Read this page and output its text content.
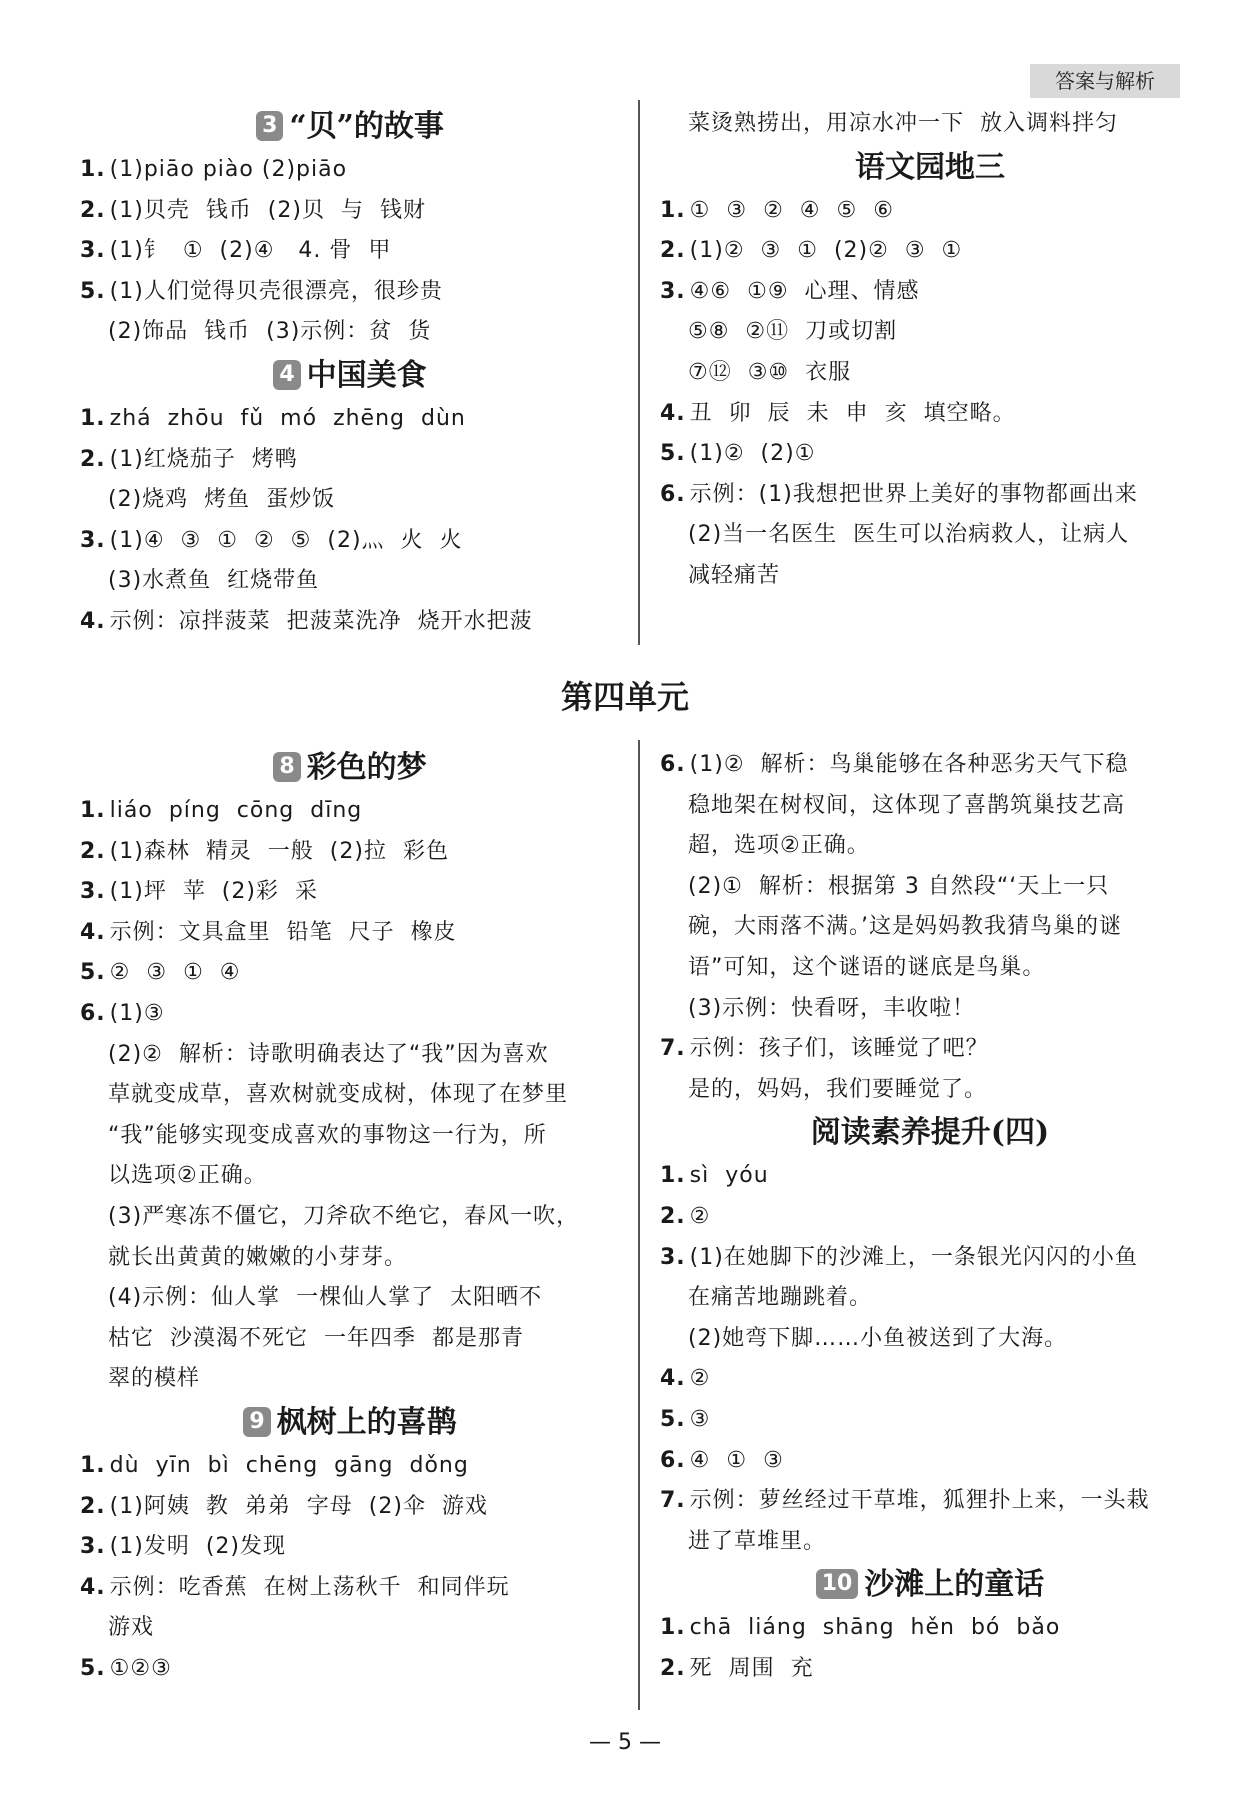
答案与解析
3 “贝”的故事
1. (1)piāo piào (2)piāo
2. (1)贝壳  钱币  (2)贝  与  钱财
3. (1)钅  ①  (2)④   4. 骨  甲
5. (1)人们觉得贝壳很漂亮，很珍贵
(2)饰品  钱币  (3)示例：贫  货
4 中国美食
1. zhá  zhōu  fǔ  mó  zhēng  dùn
2. (1)红烧茄子  烤鸭
(2)烧鸡  烤鱼  蛋炒饭
3. (1)④  ③  ①  ②  ⑤  (2)灬  火  火
(3)水煮鱼  红烧带鱼
4. 示例：凉拌菠菜  把菠菜洗净  烧开水把菠
菜烫熟捞出，用凉水冲一下  放入调料拌匀
语文园地三
1. ①  ③  ②  ④  ⑤  ⑥
2. (1)②  ③  ①  (2)②  ③  ①
3. ④⑥  ①⑨  心理、情感
⑤⑧  ②⑪  刀或切割
⑦⑫  ③⑩  衣服
4. 丑  卯  辰  未  申  亥  填空略。
5. (1)②  (2)①
6. 示例：(1)我想把世界上美好的事物都画出来
(2)当一名医生  医生可以治病救人，让病人
减轻痛苦
第四单元
8 彩色的梦
1. liáo  píng  cōng  dīng
2. (1)森林  精灵  一般  (2)拉  彩色
3. (1)坪  苹  (2)彩  采
4. 示例：文具盒里  铅笔  尺子  橡皮
5. ②  ③  ①  ④
6. (1)③
(2)②  解析：诗歌明确表达了“我”因为喜欢
草就变成草，喜欢树就变成树，体现了在梦里
“我”能够实现变成喜欢的事物这一行为，所
以选项②正确。
(3)严寒冻不僵它，刀斧砍不绝它，春风一吹，
就长出黄黄的嫩嫩的小芽芽。
(4)示例：仙人掌  一棵仙人掌了  太阳晒不
枯它  沙漠渴不死它  一年四季  都是那青
翠的模样
9 枫树上的喜鹊
1. dù  yīn  bì  chēng  gāng  dǒng
2. (1)阿姨  教  弟弟  字母  (2)伞  游戏
3. (1)发明  (2)发现
4. 示例：吃香蕉  在树上荡秋千  和同伴玩
游戏
5. ①②③
6. (1)②  解析：鸟巢能够在各种恶劣天气下稳
稳地架在树杈间，这体现了喜鹊筑巢技艺高
超，选项②正确。
(2)①  解析：根据第 3 自然段“‘天上一只
碗，大雨落不满。’这是妈妈教我猜鸟巢的谜
语”可知，这个谜语的谜底是鸟巢。
(3)示例：快看呀，丰收啦！
7. 示例：孩子们，该睡觉了吧？
是的，妈妈，我们要睡觉了。
阅读素养提升(四)
1. sì  yóu
2. ②
3. (1)在她脚下的沙滩上，一条银光闪闪的小鱼
在痛苦地蹦跳着。
(2)她弯下脚……小鱼被送到了大海。
4. ②
5. ③
6. ④  ①  ③
7. 示例：萝丝经过干草堆，狐狸扑上来，一头栽
进了草堆里。
10 沙滩上的童话
1. chā  liáng  shāng  hěn  bó  bǎo
2. 死  周围  充
— 5 —
